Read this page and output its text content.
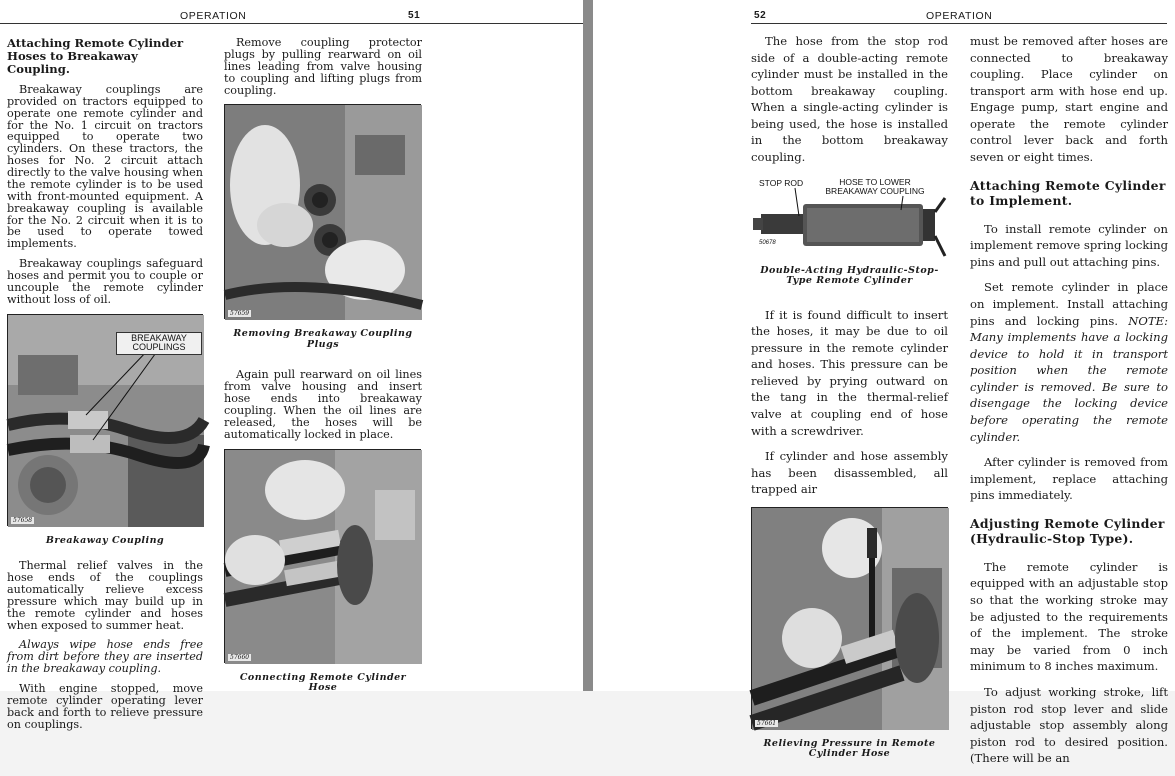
OPERATION	51
Attaching Remote Cylinder Hoses to Breakaway Coupling.

Breakaway couplings are provided on tractors equipped to operate one remote cylinder and for the No. 1 circuit on tractors equipped to operate two cylinders. On these tractors, the hoses for No. 2 circuit attach directly to the valve housing when the remote cylinder is to be used with front-mounted equipment. A breakaway coupling is available for the No. 2 circuit when it is to be used to operate towed implements.

Breakaway couplings safeguard hoses and permit you to couple or uncouple the remote cylinder without loss of oil.

BREAKAWAY COUPLINGS
57658
Breakaway Coupling

Thermal relief valves in the hose ends of the couplings automatically relieve excess pressure which may build up in the remote cylinder and hoses when exposed to summer heat.

Always wipe hose ends free from dirt before they are inserted in the breakaway coupling.

With engine stopped, move remote cylinder operating lever back and forth to relieve pressure on couplings.

Remove coupling protector plugs by pulling rearward on oil lines leading from valve housing to coupling and lifting plugs from coupling.

57659
Removing Breakaway Coupling Plugs

Again pull rearward on oil lines from valve housing and insert hose ends into breakaway coupling. When the oil lines are released, the hoses will be automatically locked in place.

57660
Connecting Remote Cylinder Hose
52	OPERATION

The hose from the stop rod side of a double-acting remote cylinder must be installed in the bottom breakaway coupling. When a single-acting cylinder is being used, the hose is installed in the bottom breakaway coupling.

STOP ROD	HOSE TO LOWER BREAKAWAY COUPLING
50678
Double-Acting Hydraulic-Stop-Type Remote Cylinder

If it is found difficult to insert the hoses, it may be due to oil pressure in the remote cylinder and hoses. This pressure can be relieved by prying outward on the tang in the thermal-relief valve at coupling end of hose with a screwdriver.

If cylinder and hose assembly has been disassembled, all trapped air

57661
Relieving Pressure in Remote Cylinder Hose

must be removed after hoses are connected to breakaway coupling. Place cylinder on transport arm with hose end up. Engage pump, start engine and operate the remote cylinder control lever back and forth seven or eight times.

Attaching Remote Cylinder to Implement.

To install remote cylinder on implement remove spring locking pins and pull out attaching pins.

Set remote cylinder in place on implement. Install attaching pins and locking pins. NOTE: Many implements have a locking device to hold it in transport position when the remote cylinder is removed. Be sure to disengage the locking device before operating the remote cylinder.

After cylinder is removed from implement, replace attaching pins immediately.

Adjusting Remote Cylinder (Hydraulic-Stop Type).

The remote cylinder is equipped with an adjustable stop so that the working stroke may be adjusted to the requirements of the implement. The stroke may be varied from 0 inch minimum to 8 inches maximum.

To adjust working stroke, lift piston rod stop lever and slide adjustable stop assembly along piston rod to desired position. (There will be an
